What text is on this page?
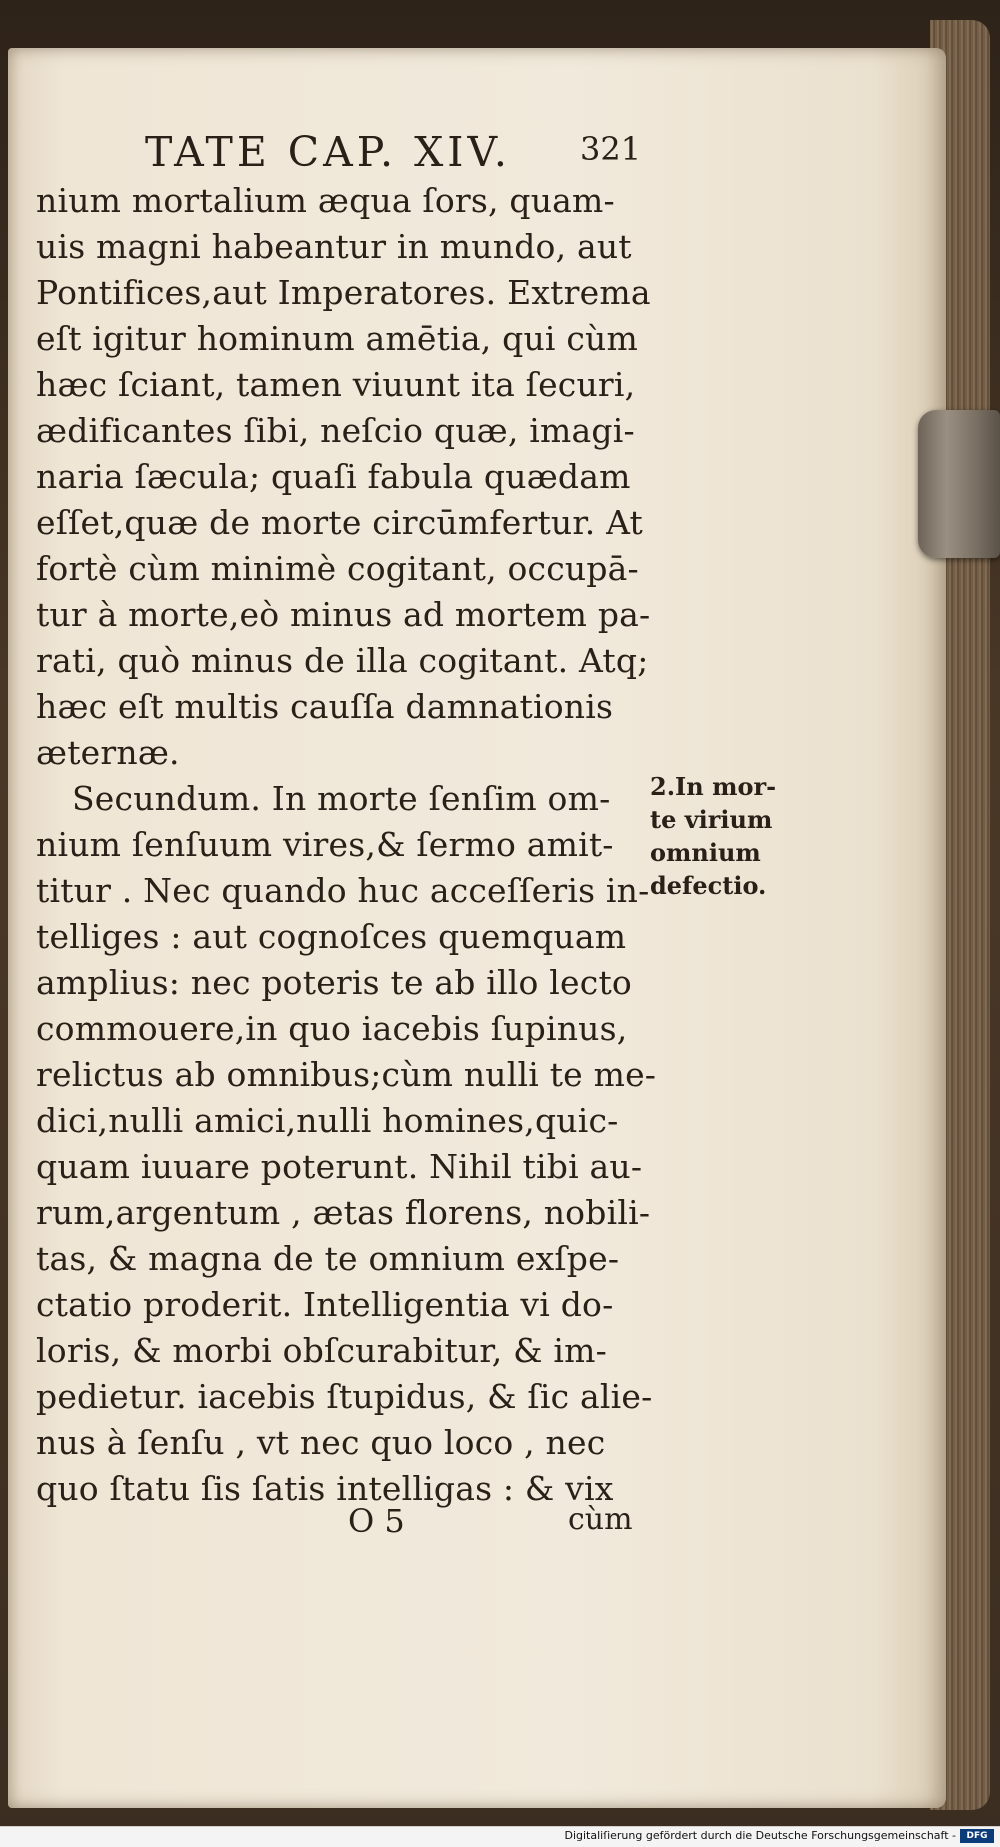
TATE CAP. XIV. 321
nium mortalium æqua ſors, quam-
uis magni habeantur in mundo, aut
Pontifices,aut Imperatores. Extrema
eſt igitur hominum amētia, qui cùm
hæc ſciant, tamen viuunt ita ſecuri,
ædificantes ſibi, neſcio quæ, imagi-
naria ſæcula; quaſi fabula quædam
eſſet,quæ de morte circūmfertur. At
fortè cùm minimè cogitant, occupā-
tur à morte,eò minus ad mortem pa-
rati, quò minus de illa cogitant. Atq;
hæc eſt multis cauſſa damnationis
æternæ.
Secundum. In morte ſenſim om-
nium ſenſuum vires,& ſermo amit-
titur . Nec quando huc acceſſeris in-
telliges : aut cognoſces quemquam
amplius: nec poteris te ab illo lecto
commouere,in quo iacebis ſupinus,
relictus ab omnibus;cùm nulli te me-
dici,nulli amici,nulli homines,quic-
quam iuuare poterunt. Nihil tibi au-
rum,argentum , ætas florens, nobili-
tas, & magna de te omnium exſpe-
ctatio proderit. Intelligentia vi do-
loris, & morbi obſcurabitur, & im-
pedietur. iacebis ſtupidus, & ſic alie-
nus à ſenſu , vt nec quo loco , nec
quo ſtatu ſis ſatis intelligas : & vix
2.In mor-
te virium
omnium
defectio.
O 5	cùm
Digitaliſierung gefördert durch die Deutsche Forschungsgemeinschaft -	DFG
